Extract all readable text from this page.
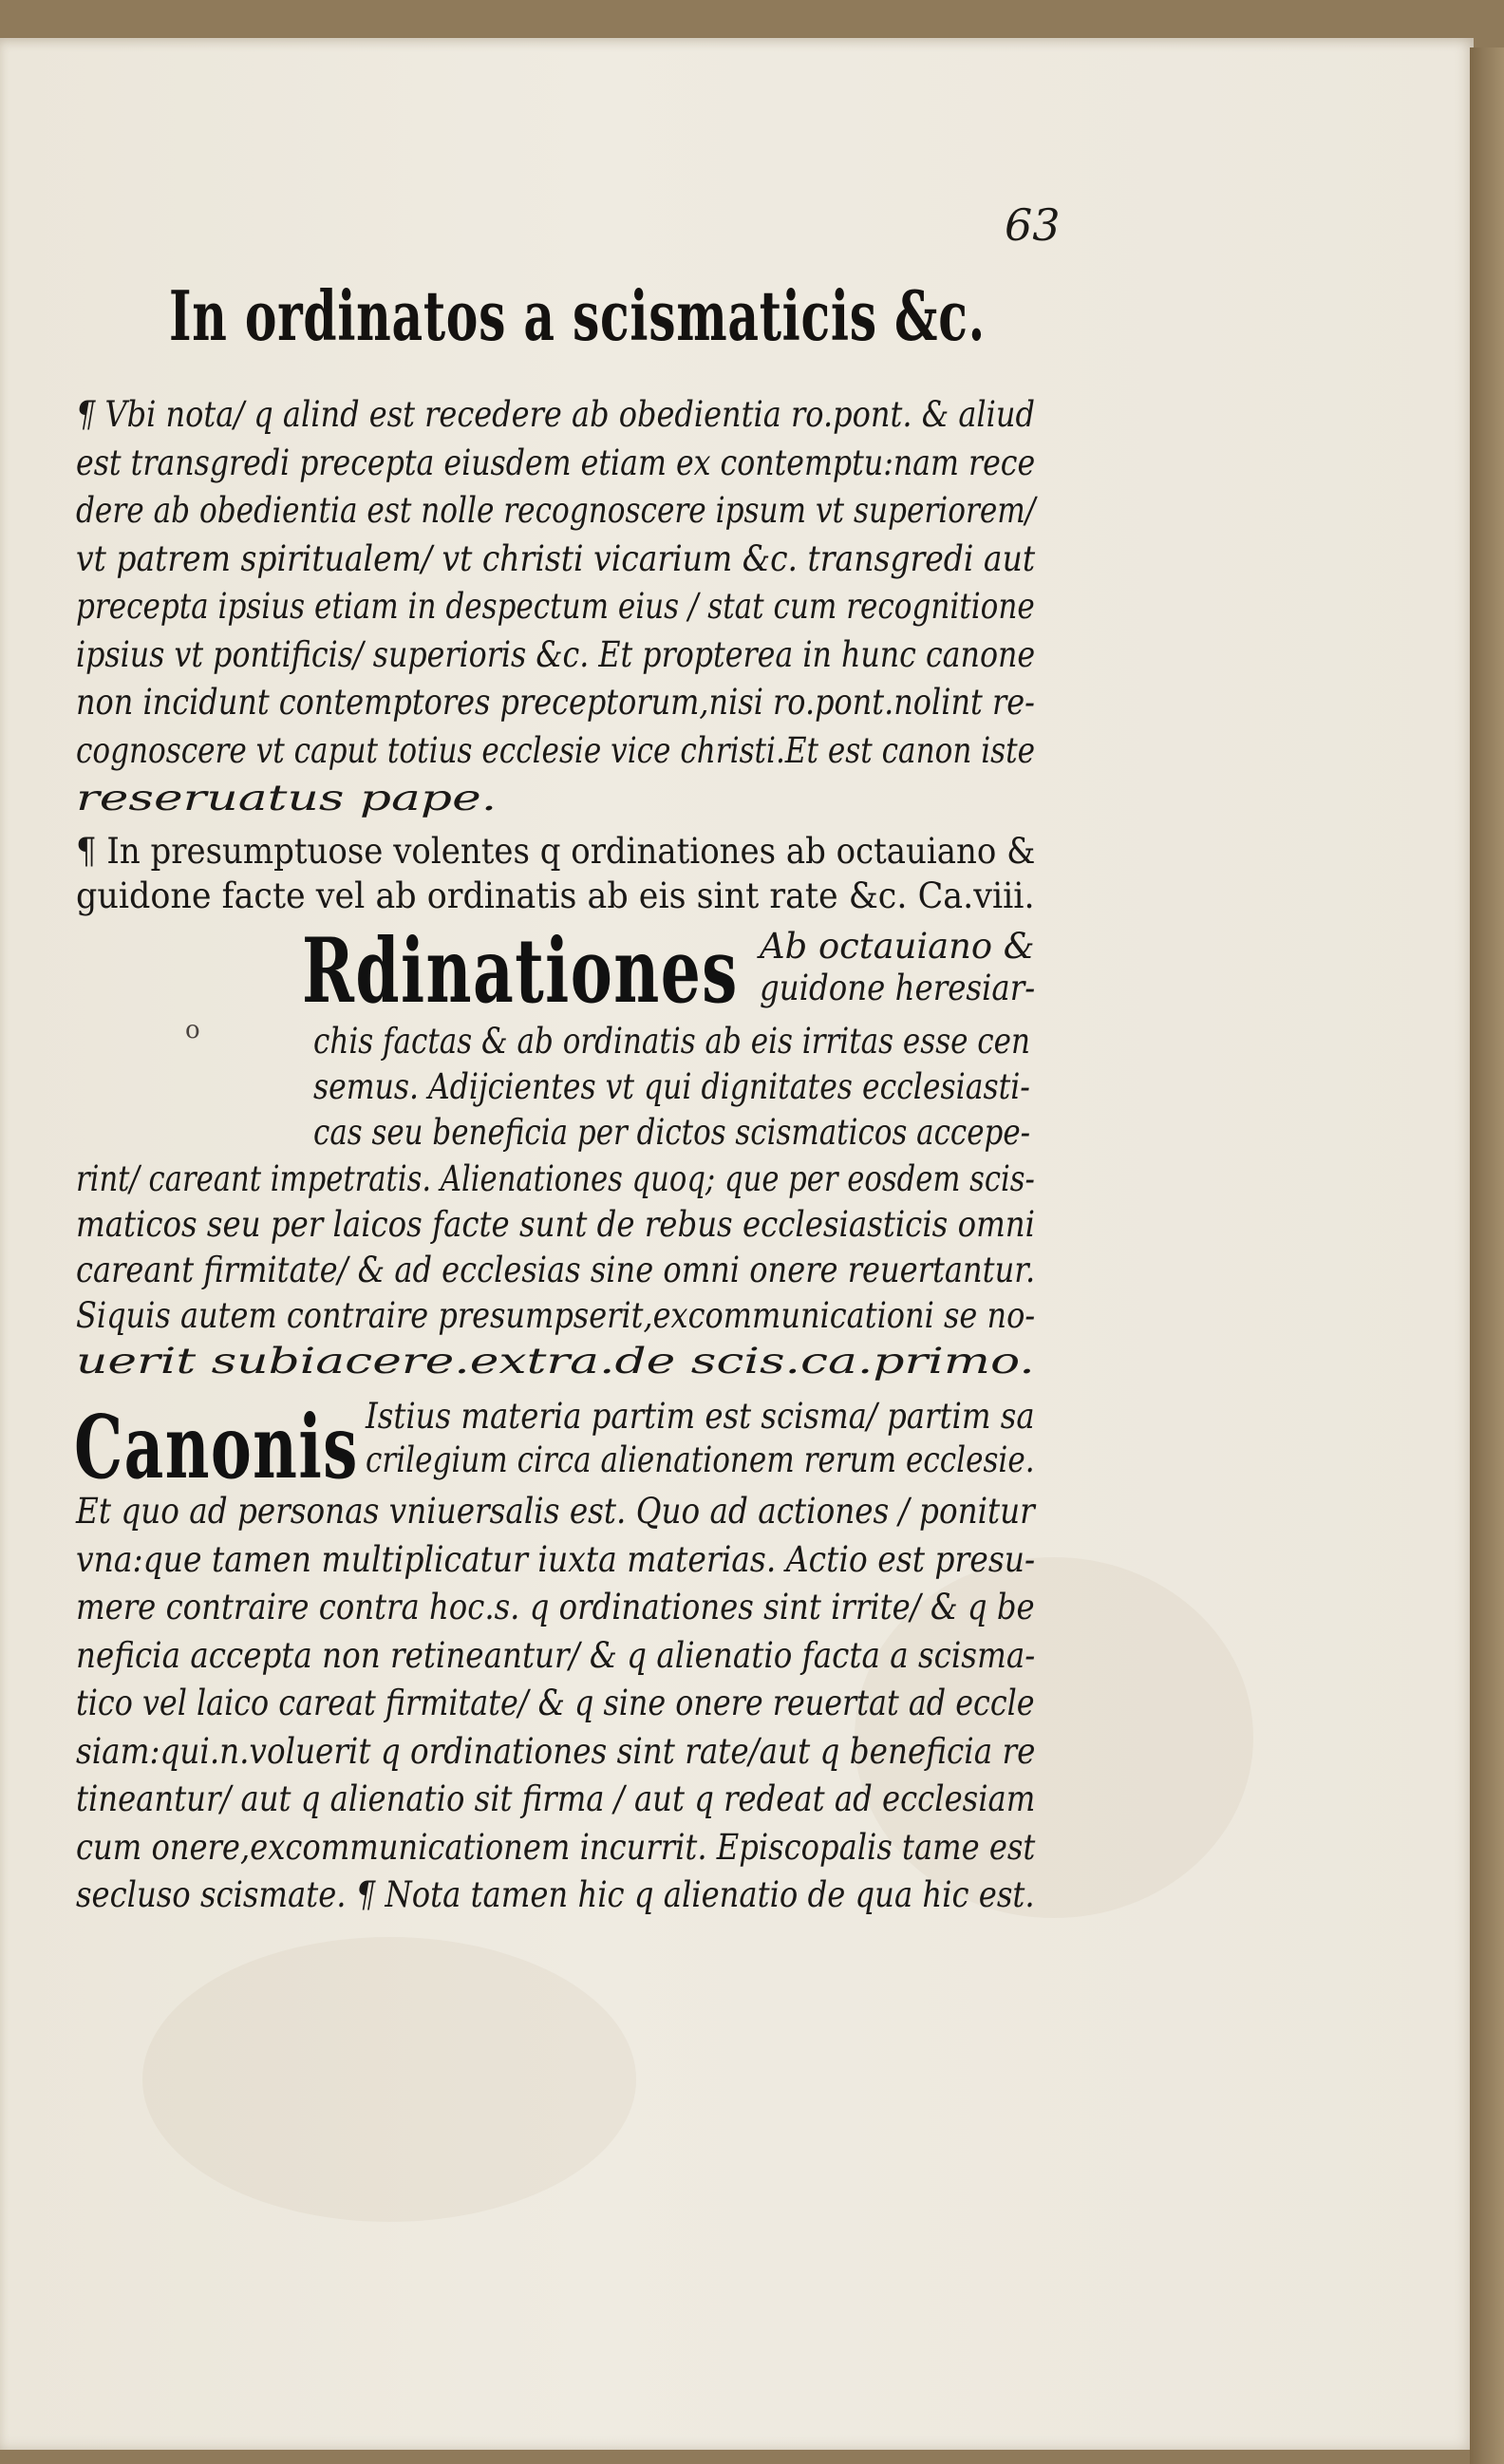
63
In ordinatos a scismaticis &c.
¶ Vbi nota/ q alind est recedere ab obedientia ro.pont. & aliud
est transgredi precepta eiusdem etiam ex contemptu:nam rece
dere ab obedientia est nolle recognoscere ipsum vt superiorem/
vt patrem spiritualem/ vt christi vicarium &c. transgredi aut
precepta ipsius etiam in despectum eius / stat cum recognitione
ipsius vt pontificis/ superioris &c. Et propterea in hunc canone
non incidunt contemptores preceptorum,nisi ro.pont.nolint re-
cognoscere vt caput totius ecclesie vice christi.Et est canon iste
reseruatus pape.
¶ In presumptuose volentes q ordinationes ab octauiano &
guidone facte vel ab ordinatis ab eis sint rate &c. Ca.viii.
Rdinationes Ab octauiano &
guidone heresiar-
chis factas & ab ordinatis ab eis irritas esse cen
semus. Adijcientes vt qui dignitates ecclesiasti-
cas seu beneficia per dictos scismaticos accepe-
rint/ careant impetratis. Alienationes quoq; que per eosdem scis-
maticos seu per laicos facte sunt de rebus ecclesiasticis omni
careant firmitate/ & ad ecclesias sine omni onere reuertantur.
Siquis autem contraire presumpserit,excommunicationi se no-
uerit subiacere.extra.de scis.ca.primo.
o
Canonis Istius materia partim est scisma/ partim sa
crilegium circa alienationem rerum ecclesie.
Et quo ad personas vniuersalis est. Quo ad actiones / ponitur
vna:que tamen multiplicatur iuxta materias. Actio est presu-
mere contraire contra hoc.s. q ordinationes sint irrite/ & q be
neficia accepta non retineantur/ & q alienatio facta a scisma-
tico vel laico careat firmitate/ & q sine onere reuertat ad eccle
siam:qui.n.voluerit q ordinationes sint rate/aut q beneficia re
tineantur/ aut q alienatio sit firma / aut q redeat ad ecclesiam
cum onere,excommunicationem incurrit. Episcopalis tame est
secluso scismate. ¶ Nota tamen hic q alienatio de qua hic est.
